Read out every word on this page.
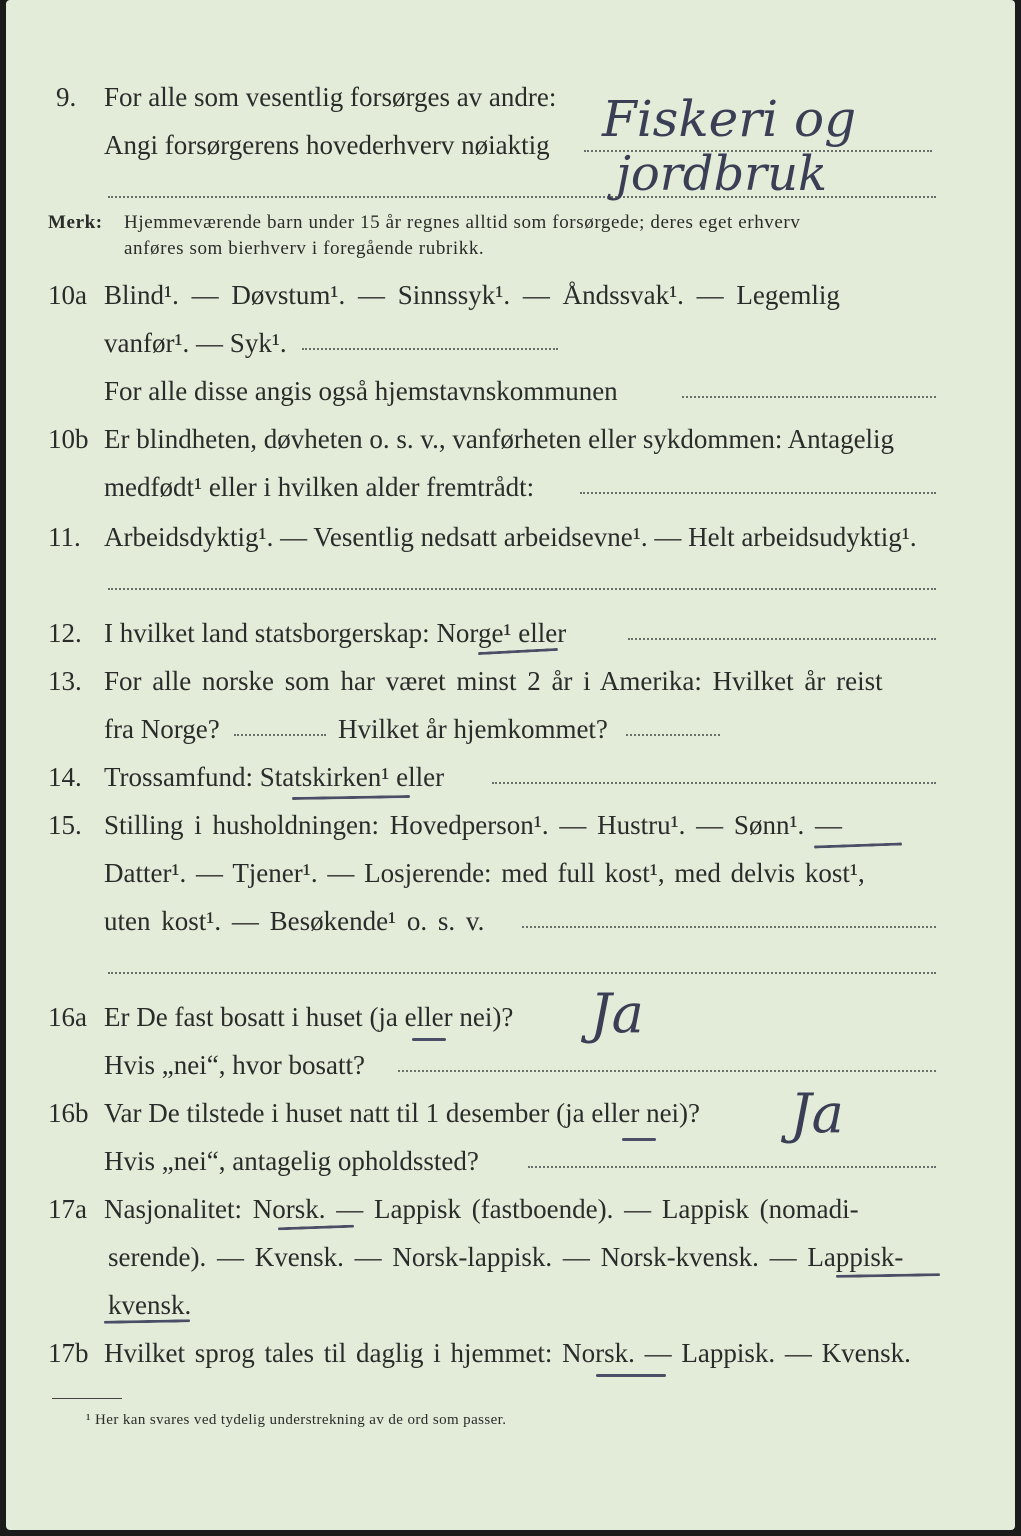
9. For alle som vesentlig forsørges av andre:
Angi forsørgerens hovederhverv nøiaktig Fiskeri og
jordbruk
Merk: Hjemmeværende barn under 15 år regnes alltid som forsørgede; deres eget erhverv
anføres som bierhverv i foregående rubrikk.
10a Blind¹. — Døvstum¹. — Sinnssyk¹. — Åndssvak¹. — Legemlig
vanfør¹. — Syk¹.
For alle disse angis også hjemstavnskommunen
10b Er blindheten, døvheten o. s. v., vanførheten eller sykdommen: Antagelig
medfødt¹ eller i hvilken alder fremtrådt:
11. Arbeidsdyktig¹. — Vesentlig nedsatt arbeidsevne¹. — Helt arbeidsudyktig¹.
12. I hvilket land statsborgerskap: Norge¹ eller
13. For alle norske som har været minst 2 år i Amerika: Hvilket år reist
fra Norge?	Hvilket år hjemkommet?
14. Trossamfund: Statskirken¹ eller
15. Stilling i husholdningen: Hovedperson¹. — Hustru¹. — Sønn¹. —
Datter¹. — Tjener¹. — Losjerende: med full kost¹, med delvis kost¹,
uten kost¹. — Besøkende¹ o. s. v.
16a Er De fast bosatt i huset (ja eller nei)? Ja
Hvis „nei“, hvor bosatt?
16b Var De tilstede i huset natt til 1 desember (ja eller nei)? Ja
Hvis „nei“, antagelig opholdssted?
17a Nasjonalitet: Norsk. — Lappisk (fastboende). — Lappisk (nomadi-
serende). — Kvensk. — Norsk-lappisk. — Norsk-kvensk. — Lappisk-
kvensk.
17b Hvilket sprog tales til daglig i hjemmet: Norsk. — Lappisk. — Kvensk.
¹ Her kan svares ved tydelig understrekning av de ord som passer.
